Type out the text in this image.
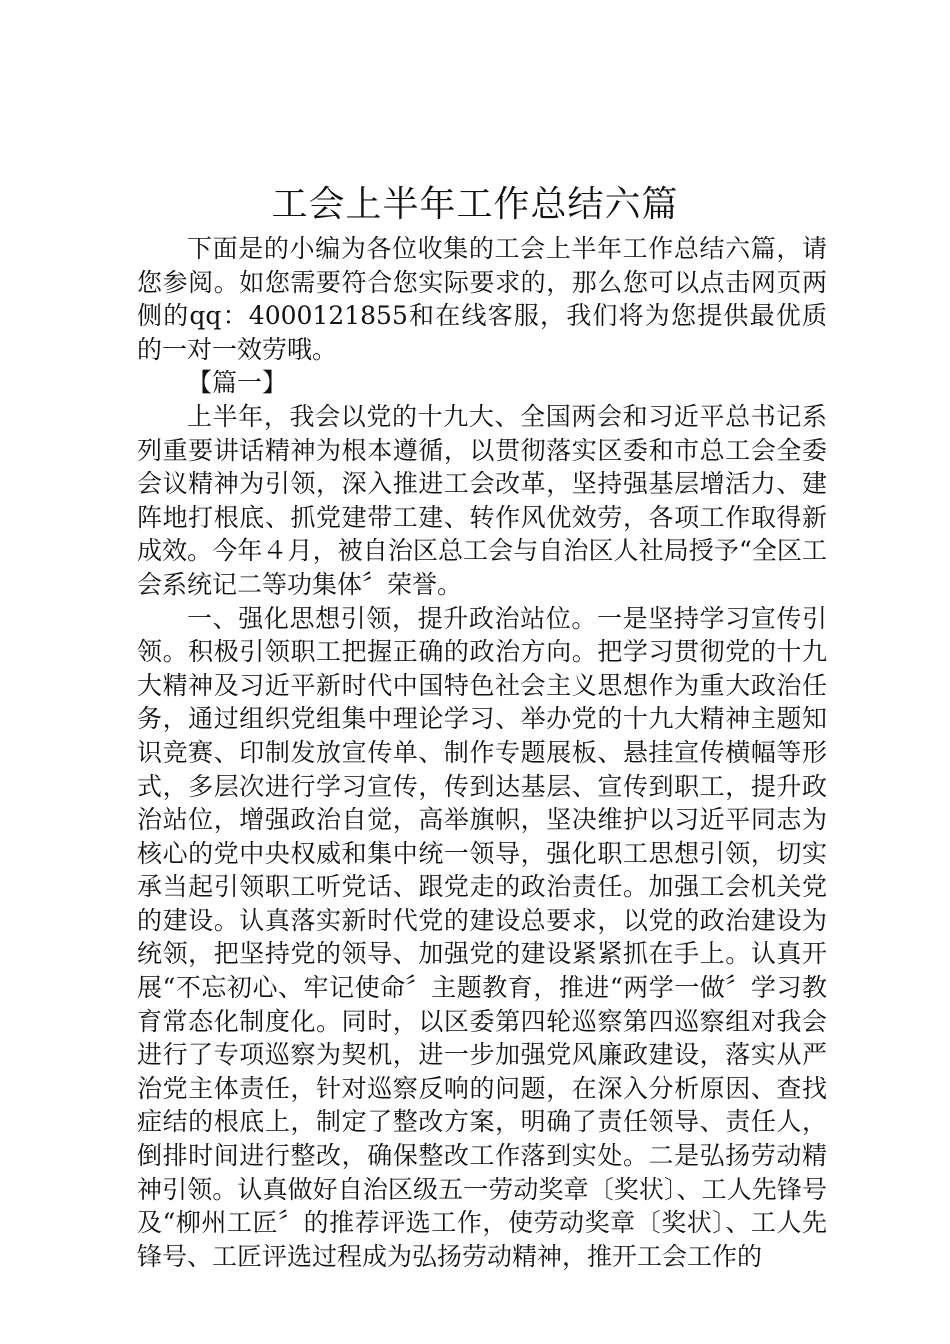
工会上半年工作总结六篇

下面是的小编为各位收集的工会上半年工作总结六篇，请您参阅。如您需要符合您实际要求的，那么您可以点击网页两侧的qq：4000121855和在线客服，我们将为您提供最优质的一对一效劳哦。

【篇一】

上半年，我会以党的十九大、全国两会和习近平总书记系列重要讲话精神为根本遵循，以贯彻落实区委和市总工会全委会议精神为引领，深入推进工会改革，坚持强基层增活力、建阵地打根底、抓党建带工建、转作风优效劳，各项工作取得新成效。今年４月，被自治区总工会与自治区人社局授予“全区工会系统记二等功集体〞荣誉。

一、强化思想引领，提升政治站位。一是坚持学习宣传引领。积极引领职工把握正确的政治方向。把学习贯彻党的十九大精神及习近平新时代中国特色社会主义思想作为重大政治任务，通过组织党组集中理论学习、举办党的十九大精神主题知识竞赛、印制发放宣传单、制作专题展板、悬挂宣传横幅等形式，多层次进行学习宣传，传到达基层、宣传到职工，提升政治站位，增强政治自觉，高举旗帜，坚决维护以习近平同志为核心的党中央权威和集中统一领导，强化职工思想引领，切实承当起引领职工听党话、跟党走的政治责任。加强工会机关党的建设。认真落实新时代党的建设总要求，以党的政治建设为统领，把坚持党的领导、加强党的建设紧紧抓在手上。认真开展“不忘初心、牢记使命〞主题教育，推进“两学一做〞学习教育常态化制度化。同时，以区委第四轮巡察第四巡察组对我会进行了专项巡察为契机，进一步加强党风廉政建设，落实从严治党主体责任，针对巡察反响的问题，在深入分析原因、查找症结的根底上，制定了整改方案，明确了责任领导、责任人，倒排时间进行整改，确保整改工作落到实处。二是弘扬劳动精神引领。认真做好自治区级五一劳动奖章〔奖状〕、工人先锋号及“柳州工匠〞的推荐评选工作，使劳动奖章〔奖状〕、工人先锋号、工匠评选过程成为弘扬劳动精神，推开工会工作的
